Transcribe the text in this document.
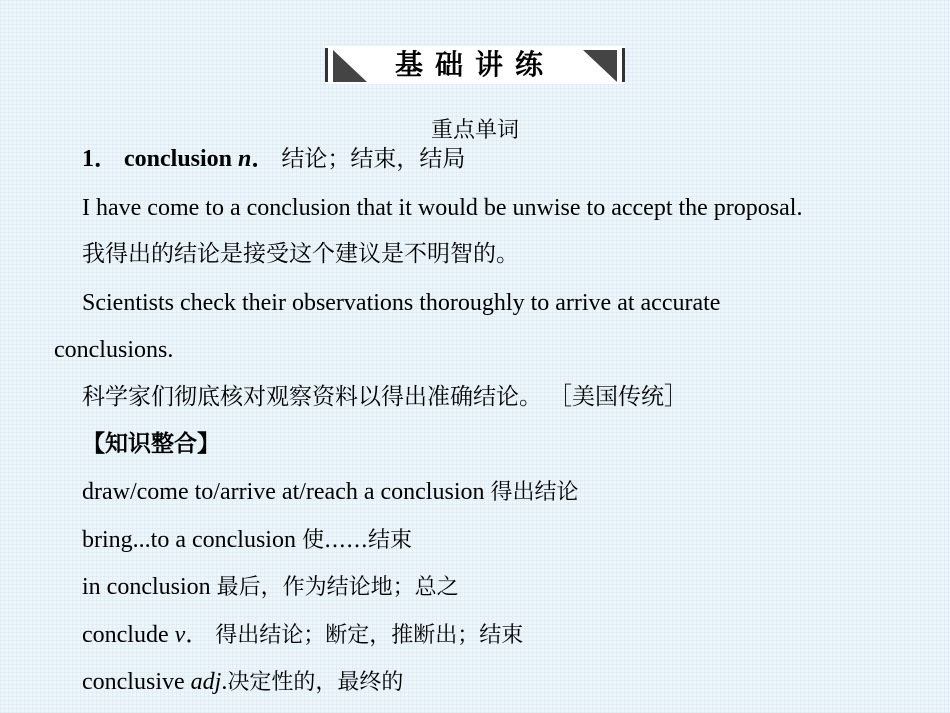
基础讲练
重点单词
1． conclusion n． 结论；结束，结局
I have come to a conclusion that it would be unwise to accept the proposal.
我得出的结论是接受这个建议是不明智的。
Scientists check their observations thoroughly to arrive at accurate
conclusions.
科学家们彻底核对观察资料以得出准确结论。 ［美国传统］
【知识整合】
draw/come to/arrive at/reach a conclusion 得出结论
bring...to a conclusion 使……结束
in conclusion 最后，作为结论地；总之
conclude v． 得出结论；断定，推断出；结束
conclusive adj.决定性的，最终的
